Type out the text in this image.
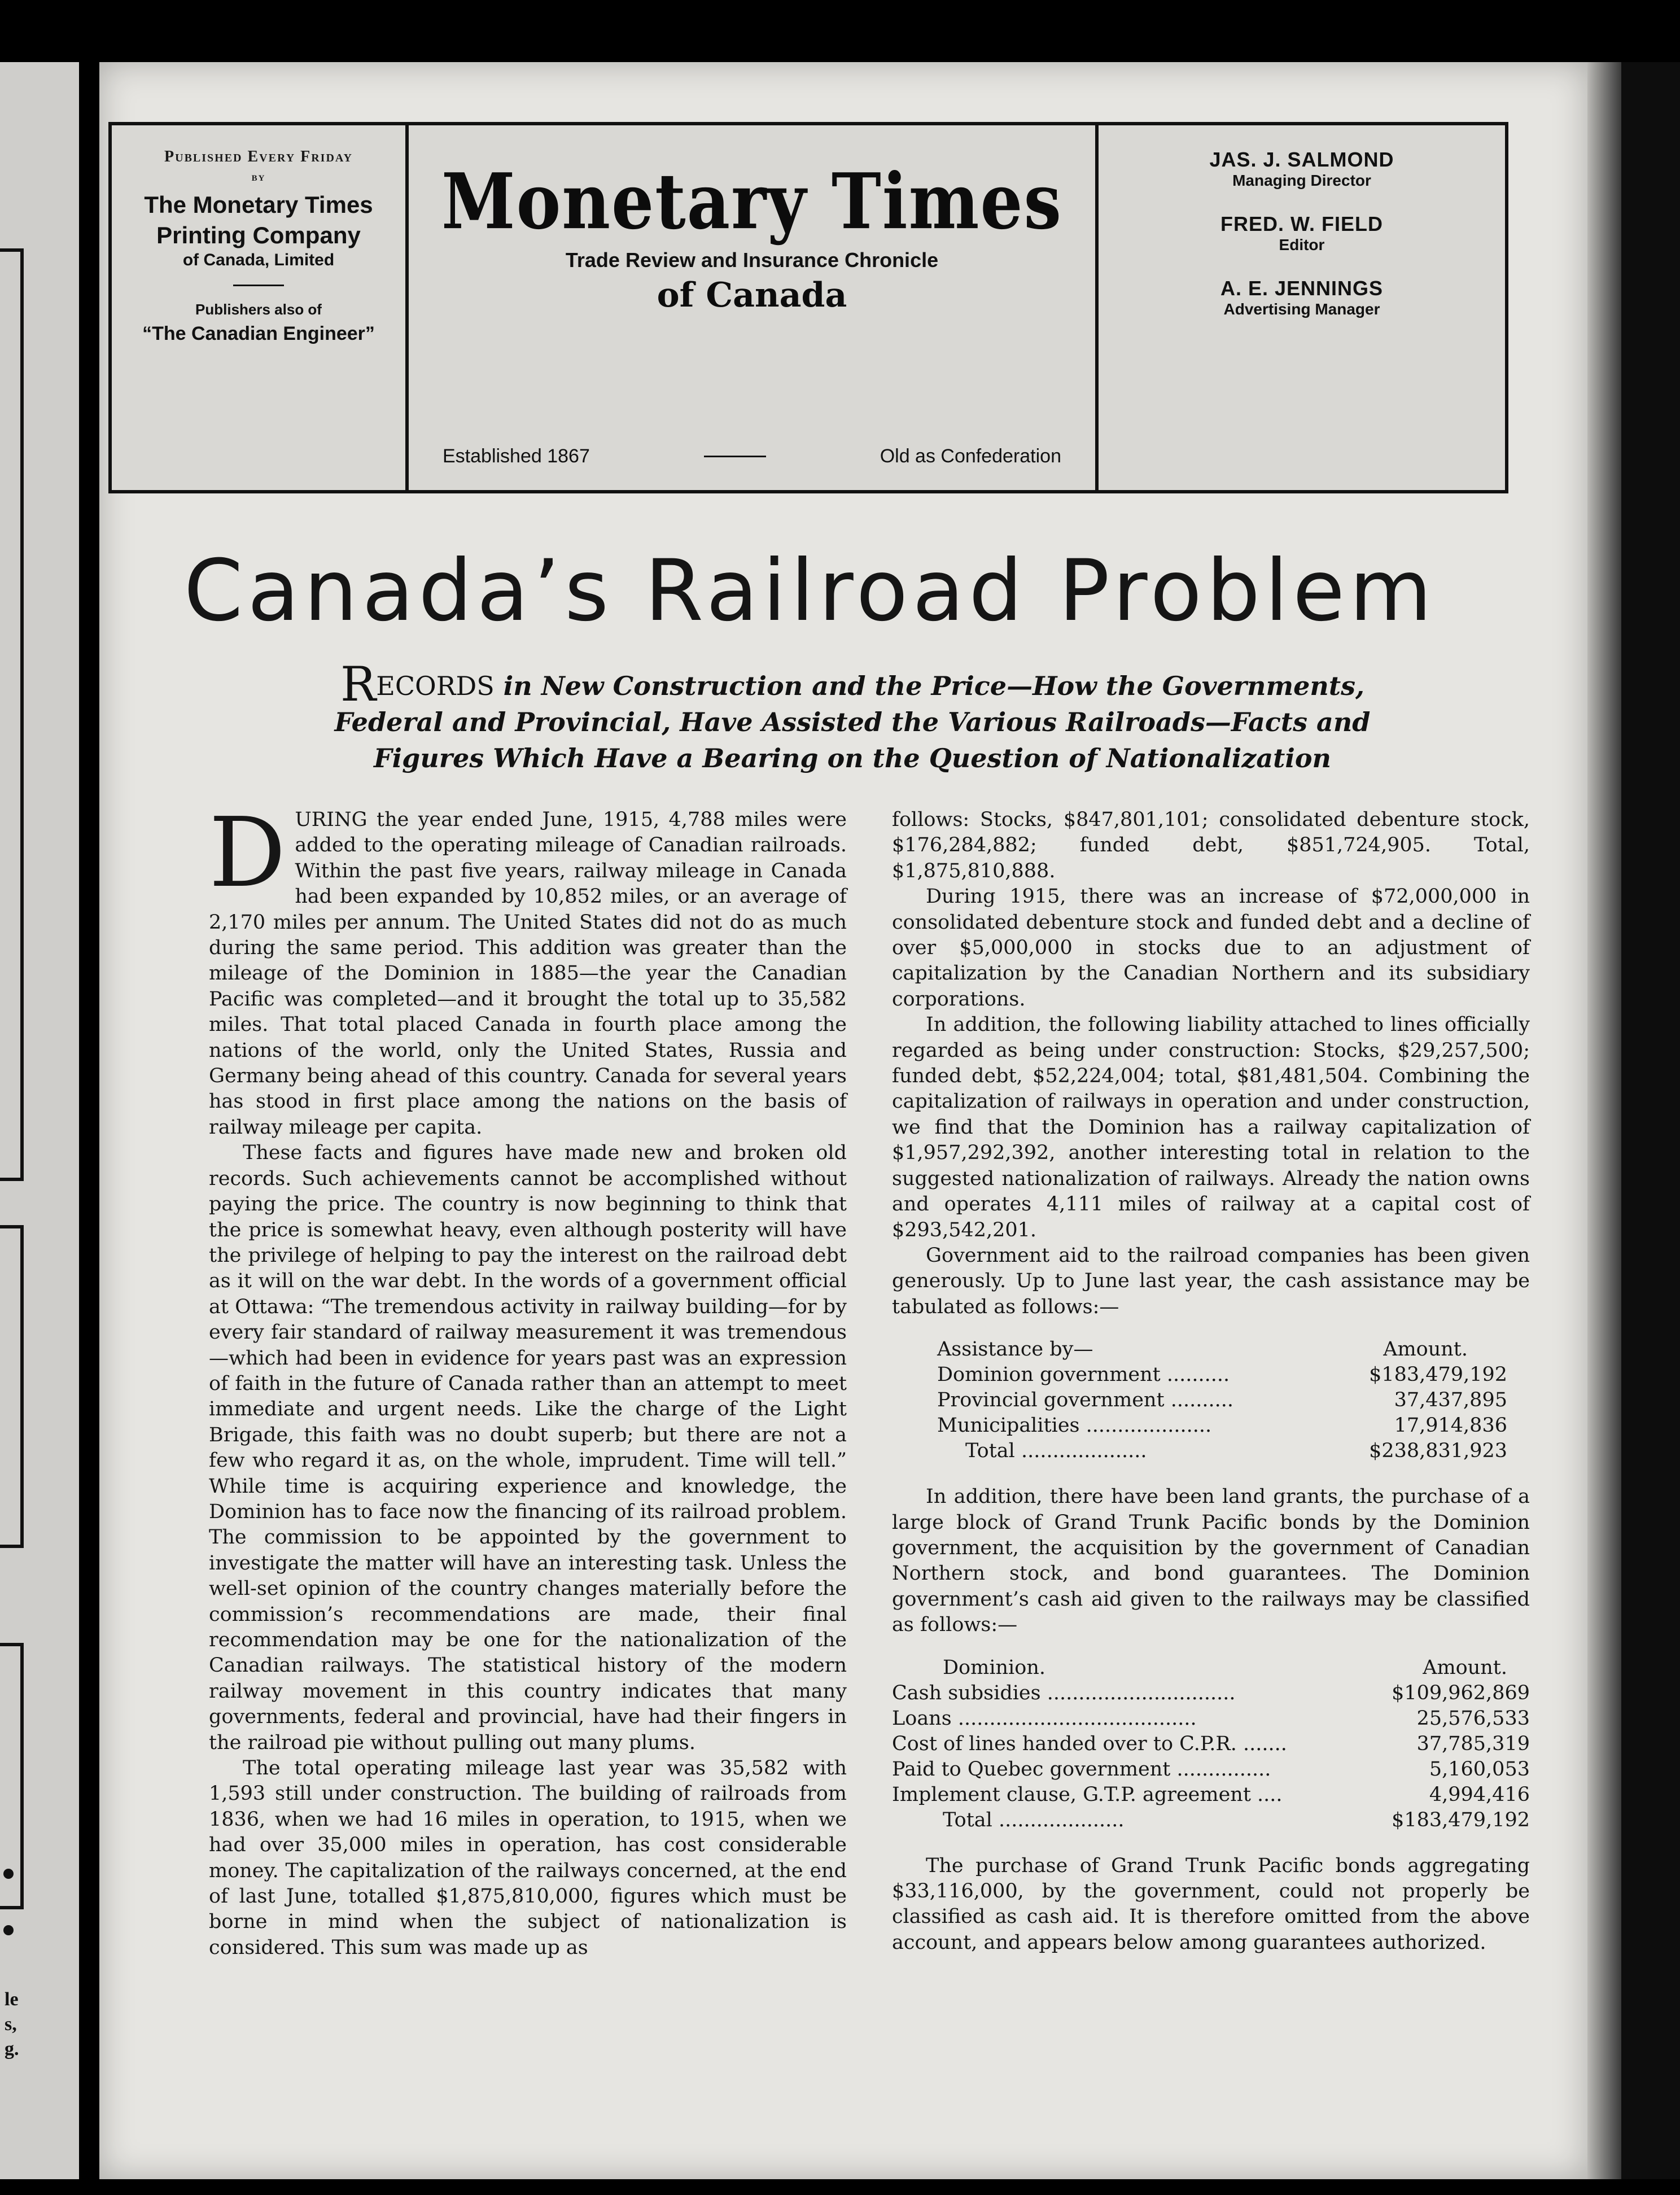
le
s,
g.
Published Every Friday
by
The Monetary Times
Printing Company
of Canada, Limited
Publishers also of
“The Canadian Engineer”
Monetary Times
Trade Review and Insurance Chronicle
of Canada
Established 1867	Old as Confederation
JAS. J. SALMOND
Managing Director
FRED. W. FIELD
Editor
A. E. JENNINGS
Advertising Manager
Canada’s Railroad Problem
RECORDS in New Construction and the Price—How the Governments, Federal and Provincial, Have Assisted the Various Railroads—Facts and Figures Which Have a Bearing on the Question of Nationalization

DURING the year ended June, 1915, 4,788 miles were added to the operating mileage of Canadian railroads. Within the past five years, railway mileage in Canada had been expanded by 10,852 miles, or an average of 2,170 miles per annum. The United States did not do as much during the same period. This addition was greater than the mileage of the Dominion in 1885—the year the Canadian Pacific was completed—and it brought the total up to 35,582 miles. That total placed Canada in fourth place among the nations of the world, only the United States, Russia and Germany being ahead of this country. Canada for several years has stood in first place among the nations on the basis of railway mileage per capita.

These facts and figures have made new and broken old records. Such achievements cannot be accomplished without paying the price. The country is now beginning to think that the price is somewhat heavy, even although posterity will have the privilege of helping to pay the interest on the railroad debt as it will on the war debt. In the words of a government official at Ottawa: “The tremendous activity in railway building—for by every fair standard of railway measurement it was tremendous—which had been in evidence for years past was an expression of faith in the future of Canada rather than an attempt to meet immediate and urgent needs. Like the charge of the Light Brigade, this faith was no doubt superb; but there are not a few who regard it as, on the whole, imprudent. Time will tell.” While time is acquiring experience and knowledge, the Dominion has to face now the financing of its railroad problem. The commission to be appointed by the government to investigate the matter will have an interesting task. Unless the well-set opinion of the country changes materially before the commission’s recommendations are made, their final recommendation may be one for the nationalization of the Canadian railways. The statistical history of the modern railway movement in this country indicates that many governments, federal and provincial, have had their fingers in the railroad pie without pulling out many plums.

The total operating mileage last year was 35,582 with 1,593 still under construction. The building of railroads from 1836, when we had 16 miles in operation, to 1915, when we had over 35,000 miles in operation, has cost considerable money. The capitalization of the railways concerned, at the end of last June, totalled $1,875,810,000, figures which must be borne in mind when the subject of nationalization is considered. This sum was made up as

follows: Stocks, $847,801,101; consolidated debenture stock, $176,284,882; funded debt, $851,724,905. Total, $1,875,810,888.

During 1915, there was an increase of $72,000,000 in consolidated debenture stock and funded debt and a decline of over $5,000,000 in stocks due to an adjustment of capitalization by the Canadian Northern and its subsidiary corporations.

In addition, the following liability attached to lines officially regarded as being under construction: Stocks, $29,257,500; funded debt, $52,224,004; total, $81,481,504. Combining the capitalization of railways in operation and under construction, we find that the Dominion has a railway capitalization of $1,957,292,392, another interesting total in relation to the suggested nationalization of railways. Already the nation owns and operates 4,111 miles of railway at a capital cost of $293,542,201.

Government aid to the railroad companies has been given generously. Up to June last year, the cash assistance may be tabulated as follows:—

Assistance by—	Amount.
Dominion government ..........	$183,479,192
Provincial government ..........	37,437,895
Municipalities ....................	17,914,836
Total ....................	$238,831,923

In addition, there have been land grants, the purchase of a large block of Grand Trunk Pacific bonds by the Dominion government, the acquisition by the government of Canadian Northern stock, and bond guarantees. The Dominion government’s cash aid given to the railways may be classified as follows:—

Dominion.	Amount.
Cash subsidies ..............................	$109,962,869
Loans ......................................	25,576,533
Cost of lines handed over to C.P.R. .......	37,785,319
Paid to Quebec government ...............	5,160,053
Implement clause, G.T.P. agreement ....	4,994,416
Total ....................	$183,479,192

The purchase of Grand Trunk Pacific bonds aggregating $33,116,000, by the government, could not properly be classified as cash aid. It is therefore omitted from the above account, and appears below among guarantees authorized.
